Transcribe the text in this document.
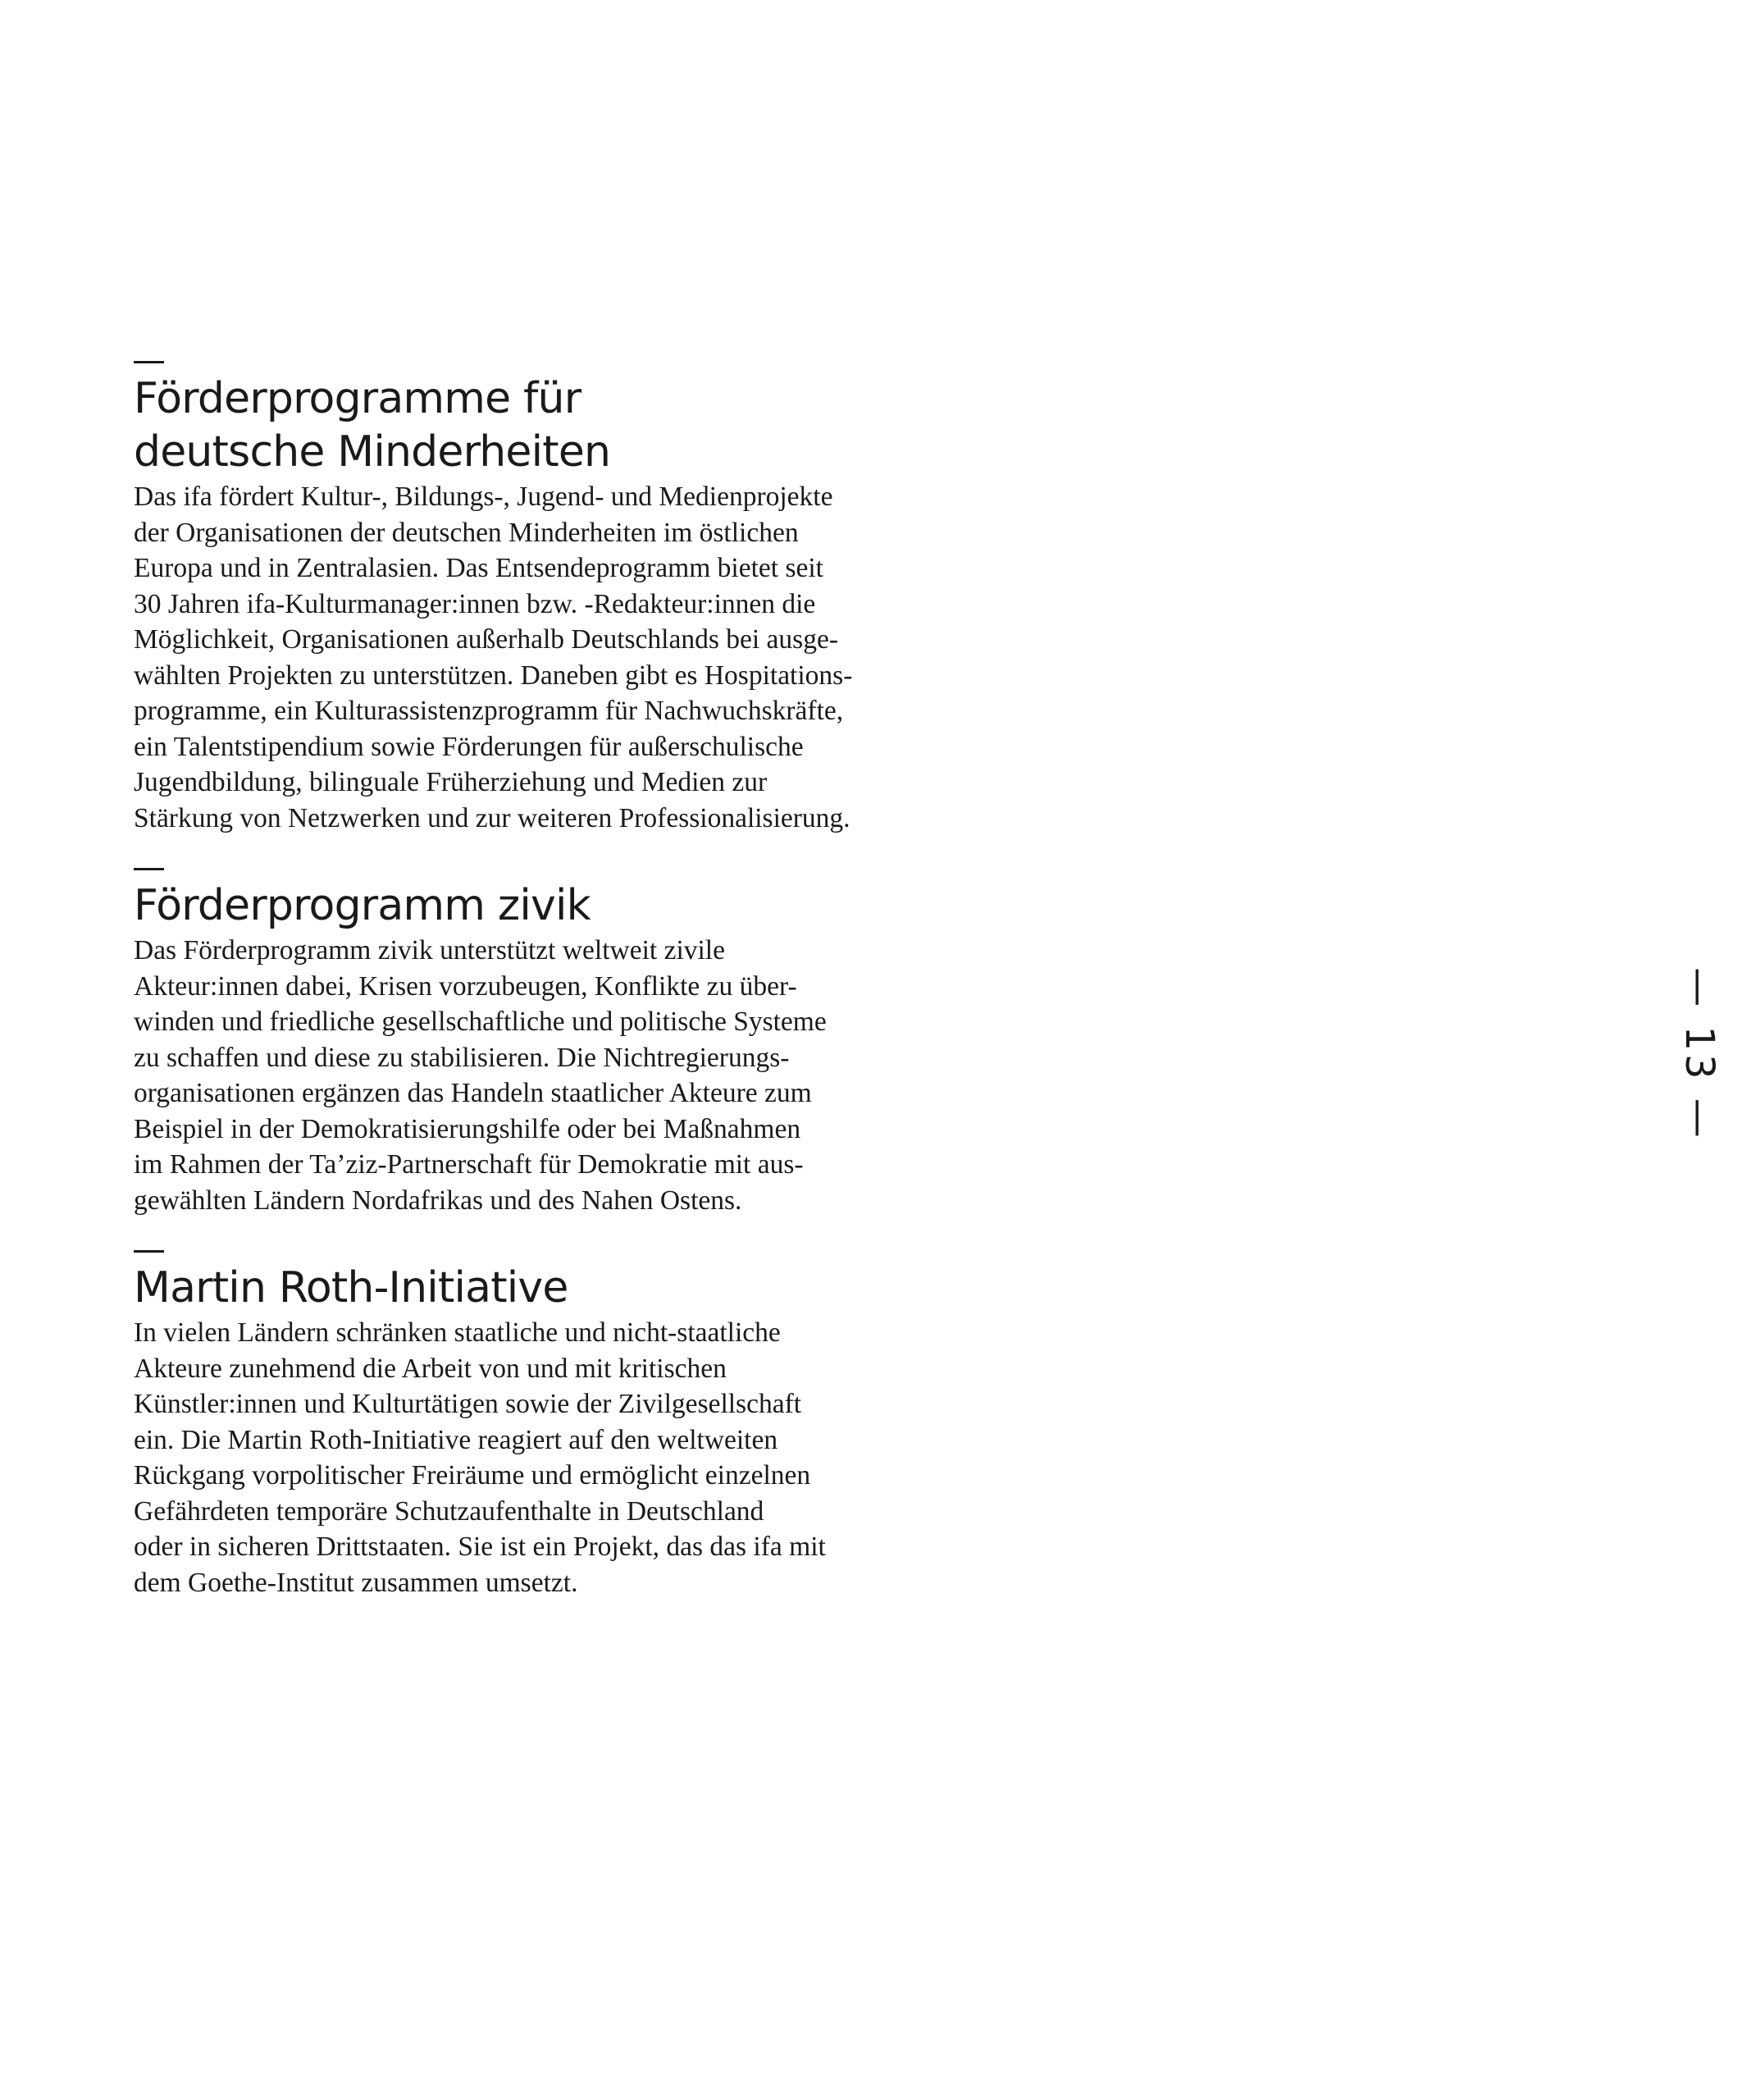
Förderprogramme für
deutsche Minderheiten

Das ifa fördert Kultur-, Bildungs-, Jugend- und Medienprojekte
der Organisationen der deutschen Minderheiten im östlichen
Europa und in Zentralasien. Das Entsendeprogramm bietet seit
30 Jahren ifa-Kulturmanager:innen bzw. -Redakteur:innen die
Möglichkeit, Organisationen außerhalb Deutschlands bei ausge-
wählten Projekten zu unterstützen. Daneben gibt es Hospitations-
programme, ein Kulturassistenzprogramm für Nachwuchskräfte,
ein Talentstipendium sowie Förderungen für außerschulische
Jugendbildung, bilinguale Früherziehung und Medien zur
Stärkung von Netzwerken und zur weiteren Professionalisierung.

Förderprogramm zivik

Das Förderprogramm zivik unterstützt weltweit zivile
Akteur:innen dabei, Krisen vorzubeugen, Konflikte zu über-
winden und friedliche gesellschaftliche und politische Systeme
zu schaffen und diese zu stabilisieren. Die Nichtregierungs-
organisationen ergänzen das Handeln staatlicher Akteure zum
Beispiel in der Demokratisierungshilfe oder bei Maßnahmen
im Rahmen der Ta’ziz-Partnerschaft für Demokratie mit aus-
gewählten Ländern Nordafrikas und des Nahen Ostens.

Martin Roth-Initiative

In vielen Ländern schränken staatliche und nicht-staatliche
Akteure zunehmend die Arbeit von und mit kritischen
Künstler:innen und Kulturtätigen sowie der Zivilgesellschaft
ein. Die Martin Roth-Initiative reagiert auf den weltweiten
Rückgang vorpolitischer Freiräume und ermöglicht einzelnen
Gefährdeten temporäre Schutzaufenthalte in Deutschland
oder in sicheren Drittstaaten. Sie ist ein Projekt, das das ifa mit
dem Goethe-Institut zusammen umsetzt.

— 13 —
